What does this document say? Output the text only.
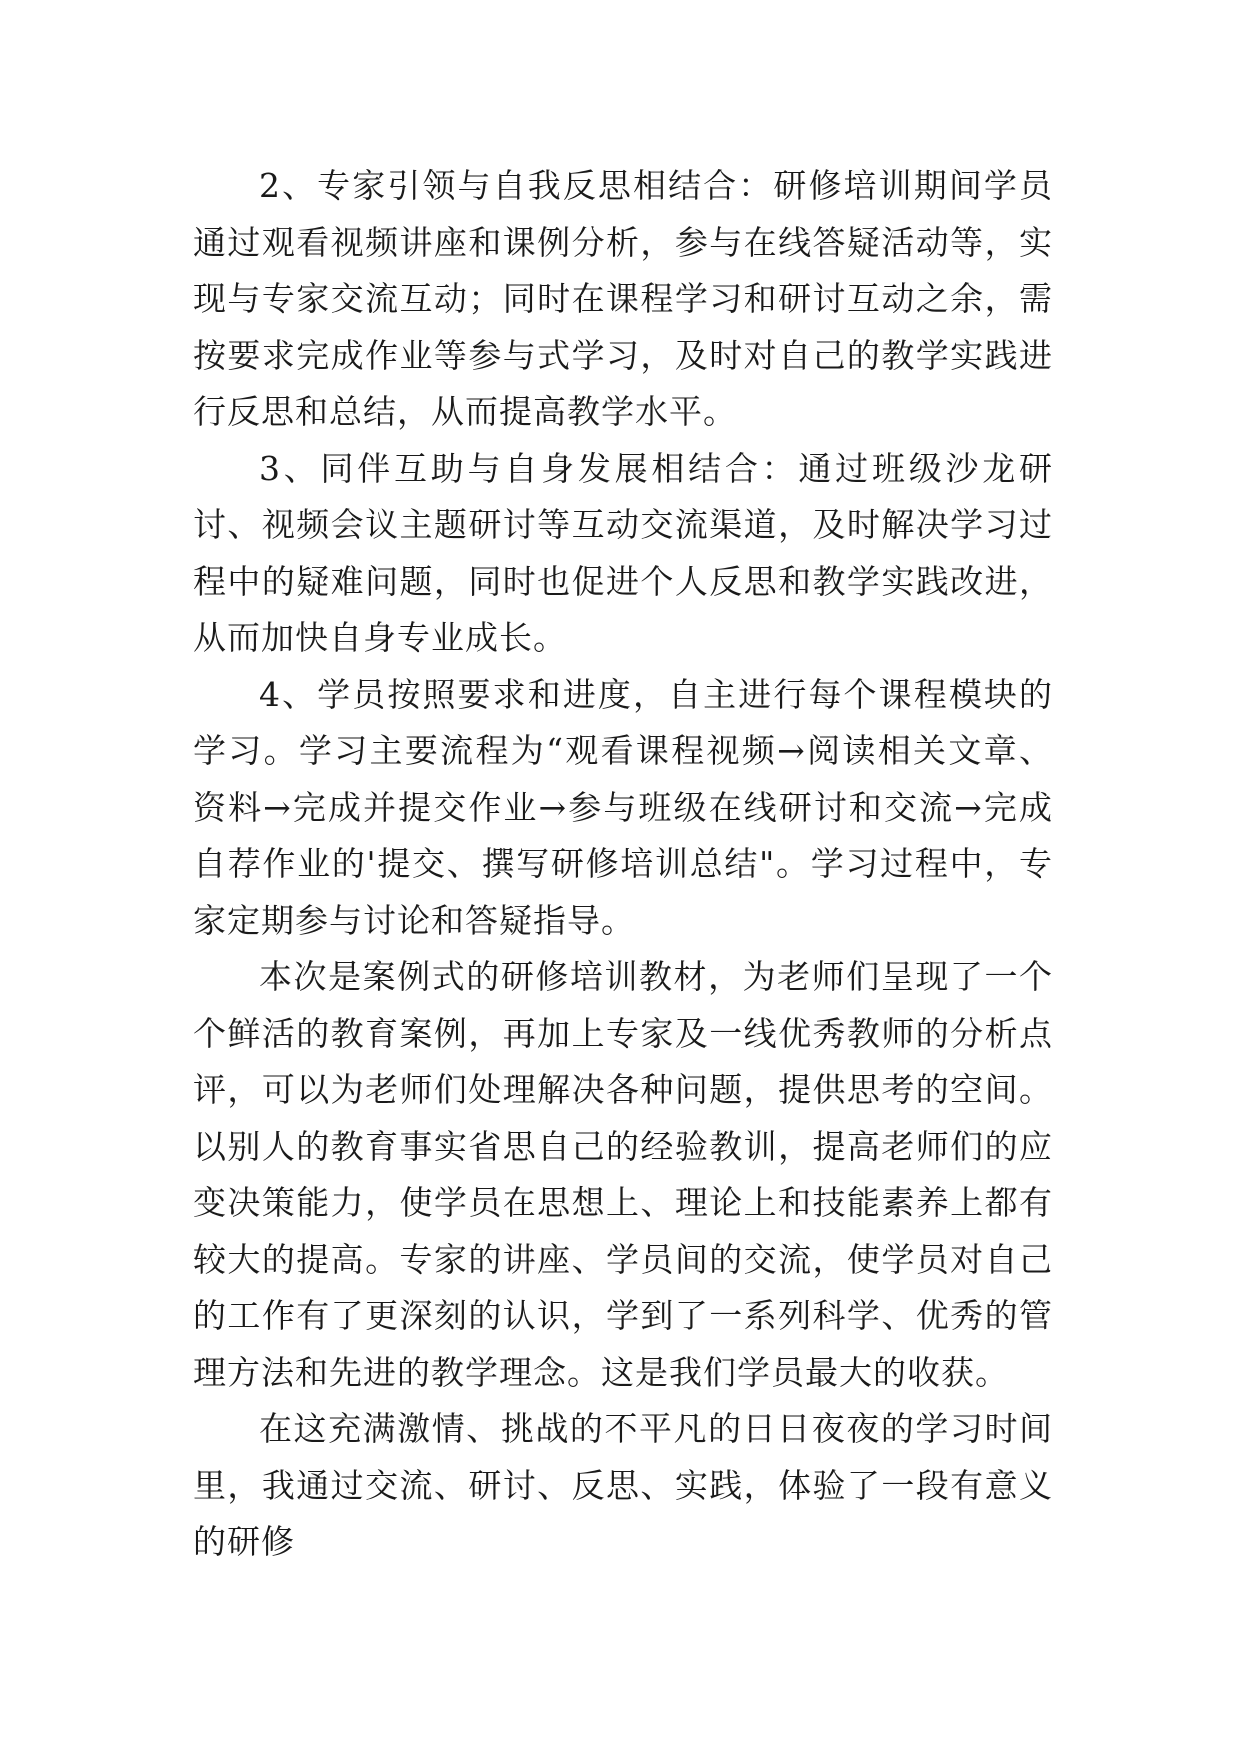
2、专家引领与自我反思相结合：研修培训期间学员通过观看视频讲座和课例分析，参与在线答疑活动等，实现与专家交流互动；同时在课程学习和研讨互动之余，需按要求完成作业等参与式学习，及时对自己的教学实践进行反思和总结，从而提高教学水平。

3、同伴互助与自身发展相结合：通过班级沙龙研讨、视频会议主题研讨等互动交流渠道，及时解决学习过程中的疑难问题，同时也促进个人反思和教学实践改进，从而加快自身专业成长。

4、学员按照要求和进度，自主进行每个课程模块的学习。学习主要流程为“观看课程视频→阅读相关文章、资料→完成并提交作业→参与班级在线研讨和交流→完成自荐作业的'提交、撰写研修培训总结"。学习过程中，专家定期参与讨论和答疑指导。

本次是案例式的研修培训教材，为老师们呈现了一个个鲜活的教育案例，再加上专家及一线优秀教师的分析点评，可以为老师们处理解决各种问题，提供思考的空间。以别人的教育事实省思自己的经验教训，提高老师们的应变决策能力，使学员在思想上、理论上和技能素养上都有较大的提高。专家的讲座、学员间的交流，使学员对自己的工作有了更深刻的认识，学到了一系列科学、优秀的管理方法和先进的教学理念。这是我们学员最大的收获。

在这充满激情、挑战的不平凡的日日夜夜的学习时间里，我通过交流、研讨、反思、实践，体验了一段有意义的研修
